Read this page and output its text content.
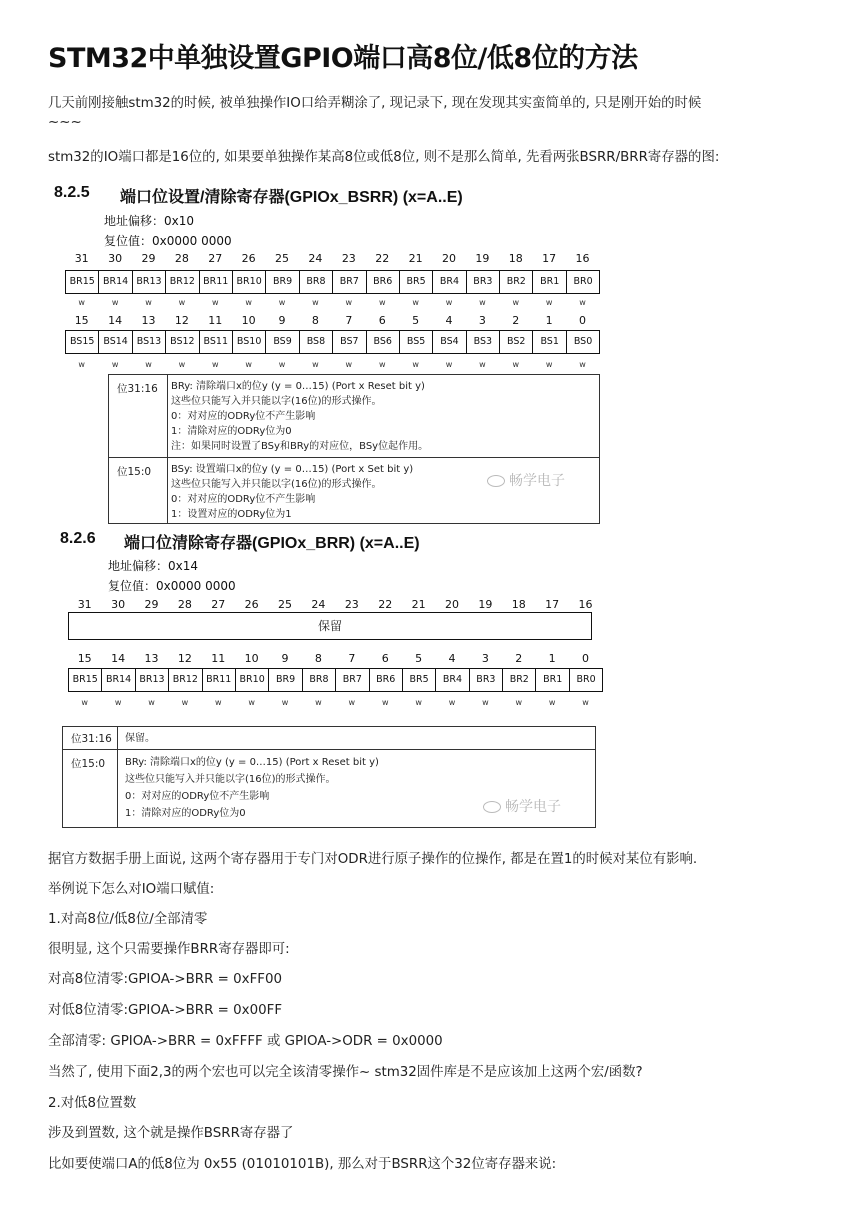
STM32中单独设置GPIO端口高8位/低8位的方法
几天前刚接触stm32的时候, 被单独操作IO口给弄糊涂了, 现记录下, 现在发现其实蛮简单的, 只是刚开始的时候
~~~
stm32的IO端口都是16位的, 如果要单独操作某高8位或低8位, 则不是那么简单, 先看两张BSRR/BRR寄存器的图:
8.2.5 端口位设置/清除寄存器(GPIOx_BSRR) (x=A..E)
地址偏移：0x10
复位值：0x0000 0000
31	30	29	28	27	26	25	24	23	22	21	20	19	18	17	16
BR15 BR14 BR13 BR12 BR11 BR10	BR9	BR8	BR7	BR6	BR5	BR4	BR3	BR2	BR1	BR0
w	w	w	w	w	w	w	w	w	w	w	w	w	w	w	w
15	14	13	12	11	10	9	8	7	6	5	4	3	2	1	0
BS15 BS14 BS13 BS12 BS11 BS10	BS9	BS8	BS7	BS6	BS5	BS4	BS3	BS2	BS1	BS0
w	w	w	w	w	w	w	w	w	w	w	w	w	w	w	w
位31:16 BRy: 清除端口x的位y (y = 0…15) (Port x Reset bit y)
这些位只能写入并只能以字(16位)的形式操作。
0：对对应的ODRy位不产生影响
1：清除对应的ODRy位为0
注：如果同时设置了BSy和BRy的对应位，BSy位起作用。
位15:0 BSy: 设置端口x的位y (y = 0…15) (Port x Set bit y)
这些位只能写入并只能以字(16位)的形式操作。
0：对对应的ODRy位不产生影响
1：设置对应的ODRy位为1
畅学电子
8.2.6 端口位清除寄存器(GPIOx_BRR) (x=A..E)
地址偏移：0x14
复位值：0x0000 0000
31	30	29	28	27	26	25	24	23	22	21	20	19	18	17	16
保留
15	14	13	12	11	10	9	8	7	6	5	4	3	2	1	0
BR15 BR14 BR13 BR12 BR11 BR10	BR9	BR8	BR7	BR6	BR5	BR4	BR3	BR2	BR1	BR0
w	w	w	w	w	w	w	w	w	w	w	w	w	w	w	w
位31:16 保留。
位15:0 BRy: 清除端口x的位y (y = 0…15) (Port x Reset bit y)
这些位只能写入并只能以字(16位)的形式操作。
0：对对应的ODRy位不产生影响
1：清除对应的ODRy位为0	畅学电子
据官方数据手册上面说, 这两个寄存器用于专门对ODR进行原子操作的位操作, 都是在置1的时候对某位有影响.
举例说下怎么对IO端口赋值:
1.对高8位/低8位/全部清零
很明显, 这个只需要操作BRR寄存器即可:
对高8位清零:GPIOA->BRR = 0xFF00
对低8位清零:GPIOA->BRR = 0x00FF
全部清零: GPIOA->BRR = 0xFFFF 或 GPIOA->ODR = 0x0000
当然了, 使用下面2,3的两个宏也可以完全该清零操作~ stm32固件库是不是应该加上这两个宏/函数?
2.对低8位置数
涉及到置数, 这个就是操作BSRR寄存器了
比如要使端口A的低8位为 0x55 (01010101B), 那么对于BSRR这个32位寄存器来说:
